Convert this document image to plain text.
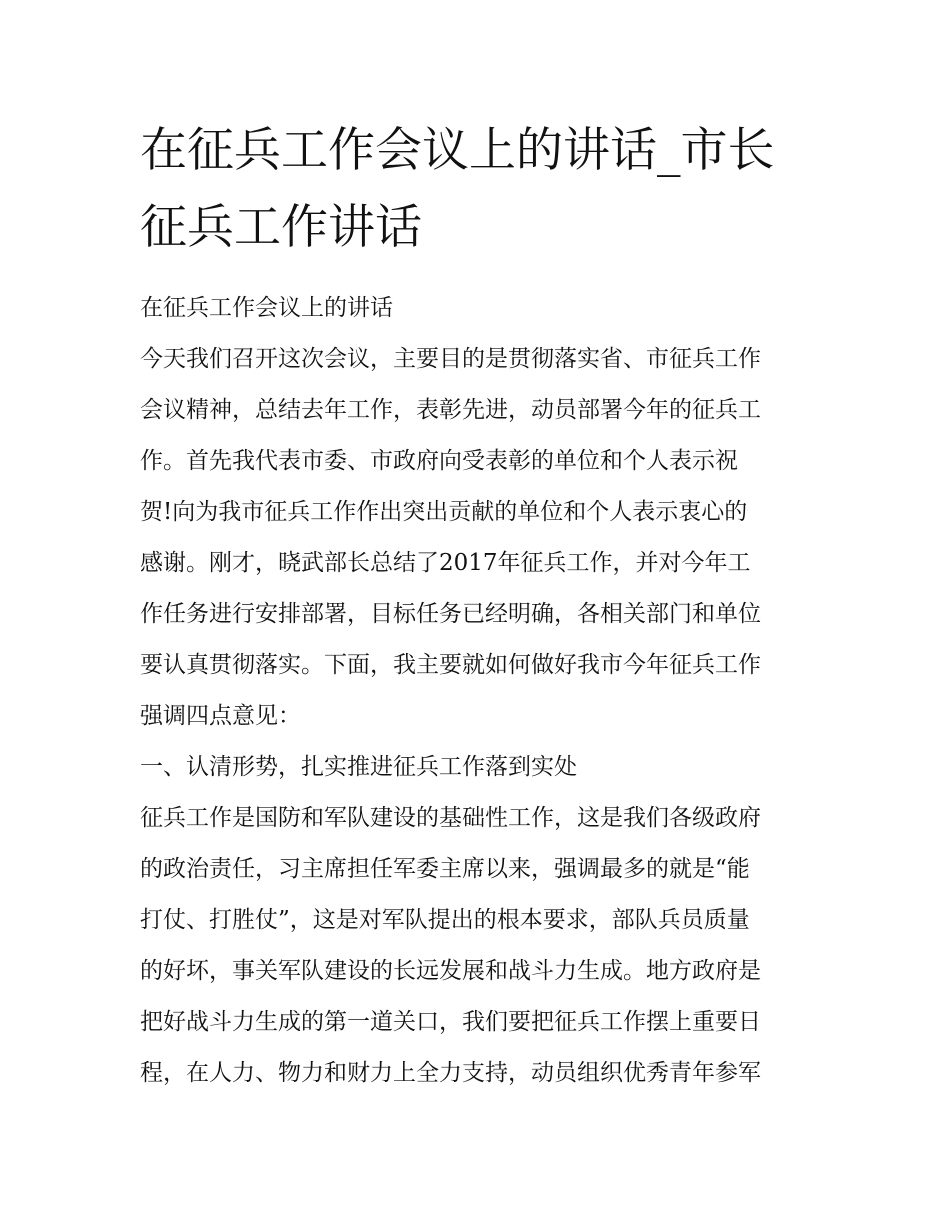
在征兵工作会议上的讲话_市长
征兵工作讲话
在征兵工作会议上的讲话
今天我们召开这次会议，主要目的是贯彻落实省、市征兵工作
会议精神，总结去年工作，表彰先进，动员部署今年的征兵工
作。首先我代表市委、市政府向受表彰的单位和个人表示祝
贺!向为我市征兵工作作出突出贡献的单位和个人表示衷心的
感谢。刚才，晓武部长总结了2017年征兵工作，并对今年工
作任务进行安排部署，目标任务已经明确，各相关部门和单位
要认真贯彻落实。下面，我主要就如何做好我市今年征兵工作
强调四点意见：
一、认清形势，扎实推进征兵工作落到实处
征兵工作是国防和军队建设的基础性工作，这是我们各级政府
的政治责任，习主席担任军委主席以来，强调最多的就是“能
打仗、打胜仗”，这是对军队提出的根本要求，部队兵员质量
的好坏，事关军队建设的长远发展和战斗力生成。地方政府是
把好战斗力生成的第一道关口，我们要把征兵工作摆上重要日
程，在人力、物力和财力上全力支持，动员组织优秀青年参军
